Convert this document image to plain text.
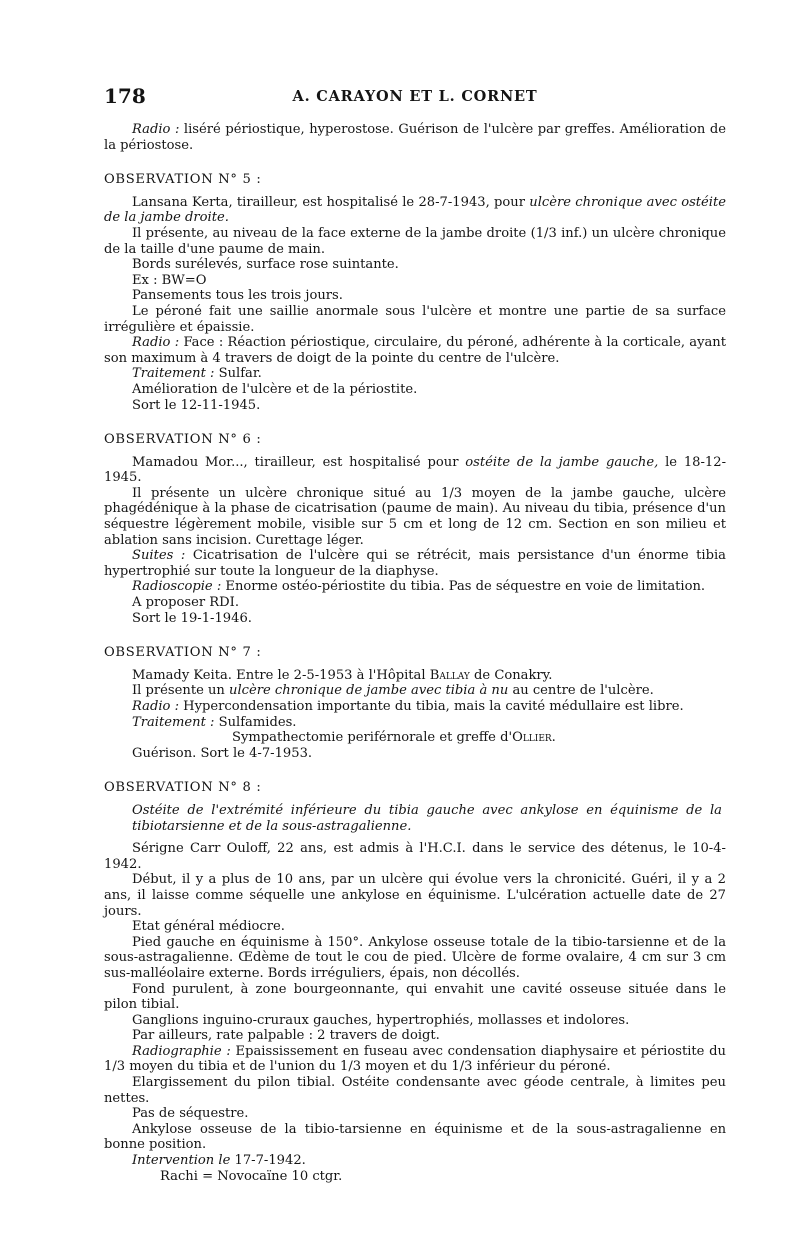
178	A. CARAYON ET L. CORNET

Radio : liséré périostique, hyperostose. Guérison de l'ulcère par greffes. Amélioration de la périostose.

OBSERVATION N° 5 :

Lansana Kerta, tirailleur, est hospitalisé le 28-7-1943, pour ulcère chronique avec ostéite de la jambe droite.

Il présente, au niveau de la face externe de la jambe droite (1/3 inf.) un ulcère chronique de la taille d'une paume de main.

Bords surélevés, surface rose suintante.

Ex : BW=O

Pansements tous les trois jours.

Le péroné fait une saillie anormale sous l'ulcère et montre une partie de sa surface irrégulière et épaissie.

Radio : Face : Réaction périostique, circulaire, du péroné, adhérente à la corticale, ayant son maximum à 4 travers de doigt de la pointe du centre de l'ulcère.

Traitement : Sulfar.

Amélioration de l'ulcère et de la périostite.

Sort le 12-11-1945.

OBSERVATION N° 6 :

Mamadou Mor..., tirailleur, est hospitalisé pour ostéite de la jambe gauche, le 18-12-1945.

Il présente un ulcère chronique situé au 1/3 moyen de la jambe gauche, ulcère phagédénique à la phase de cicatrisation (paume de main). Au niveau du tibia, présence d'un séquestre légèrement mobile, visible sur 5 cm et long de 12 cm. Section en son milieu et ablation sans incision. Curettage léger.

Suites : Cicatrisation de l'ulcère qui se rétrécit, mais persistance d'un énorme tibia hypertrophié sur toute la longueur de la diaphyse.

Radioscopie : Enorme ostéo-périostite du tibia. Pas de séquestre en voie de limitation.

A proposer RDI.

Sort le 19-1-1946.

OBSERVATION N° 7 :

Mamady Keita. Entre le 2-5-1953 à l'Hôpital Ballay de Conakry.

Il présente un ulcère chronique de jambe avec tibia à nu au centre de l'ulcère.

Radio : Hypercondensation importante du tibia, mais la cavité médullaire est libre.

Traitement : Sulfamides.

Sympathectomie periférnorale et greffe d'Ollier.

Guérison. Sort le 4-7-1953.

OBSERVATION N° 8 :

Ostéite de l'extrémité inférieure du tibia gauche avec ankylose en équinisme de la tibiotarsienne et de la sous-astragalienne.

Sérigne Carr Ouloff, 22 ans, est admis à l'H.C.I. dans le service des détenus, le 10-4-1942.

Début, il y a plus de 10 ans, par un ulcère qui évolue vers la chronicité. Guéri, il y a 2 ans, il laisse comme séquelle une ankylose en équinisme. L'ulcération actuelle date de 27 jours.

Etat général médiocre.

Pied gauche en équinisme à 150°. Ankylose osseuse totale de la tibio-tarsienne et de la sous-astragalienne. Œdème de tout le cou de pied. Ulcère de forme ovalaire, 4 cm sur 3 cm sus-malléolaire externe. Bords irréguliers, épais, non décollés.

Fond purulent, à zone bourgeonnante, qui envahit une cavité osseuse située dans le pilon tibial.

Ganglions inguino-cruraux gauches, hypertrophiés, mollasses et indolores.

Par ailleurs, rate palpable : 2 travers de doigt.

Radiographie : Epaississement en fuseau avec condensation diaphysaire et périostite du 1/3 moyen du tibia et de l'union du 1/3 moyen et du 1/3 inférieur du péroné.

Elargissement du pilon tibial. Ostéite condensante avec géode centrale, à limites peu nettes.

Pas de séquestre.

Ankylose osseuse de la tibio-tarsienne en équinisme et de la sous-astragalienne en bonne position.

Intervention le 17-7-1942.

Rachi = Novocaïne 10 ctgr.
